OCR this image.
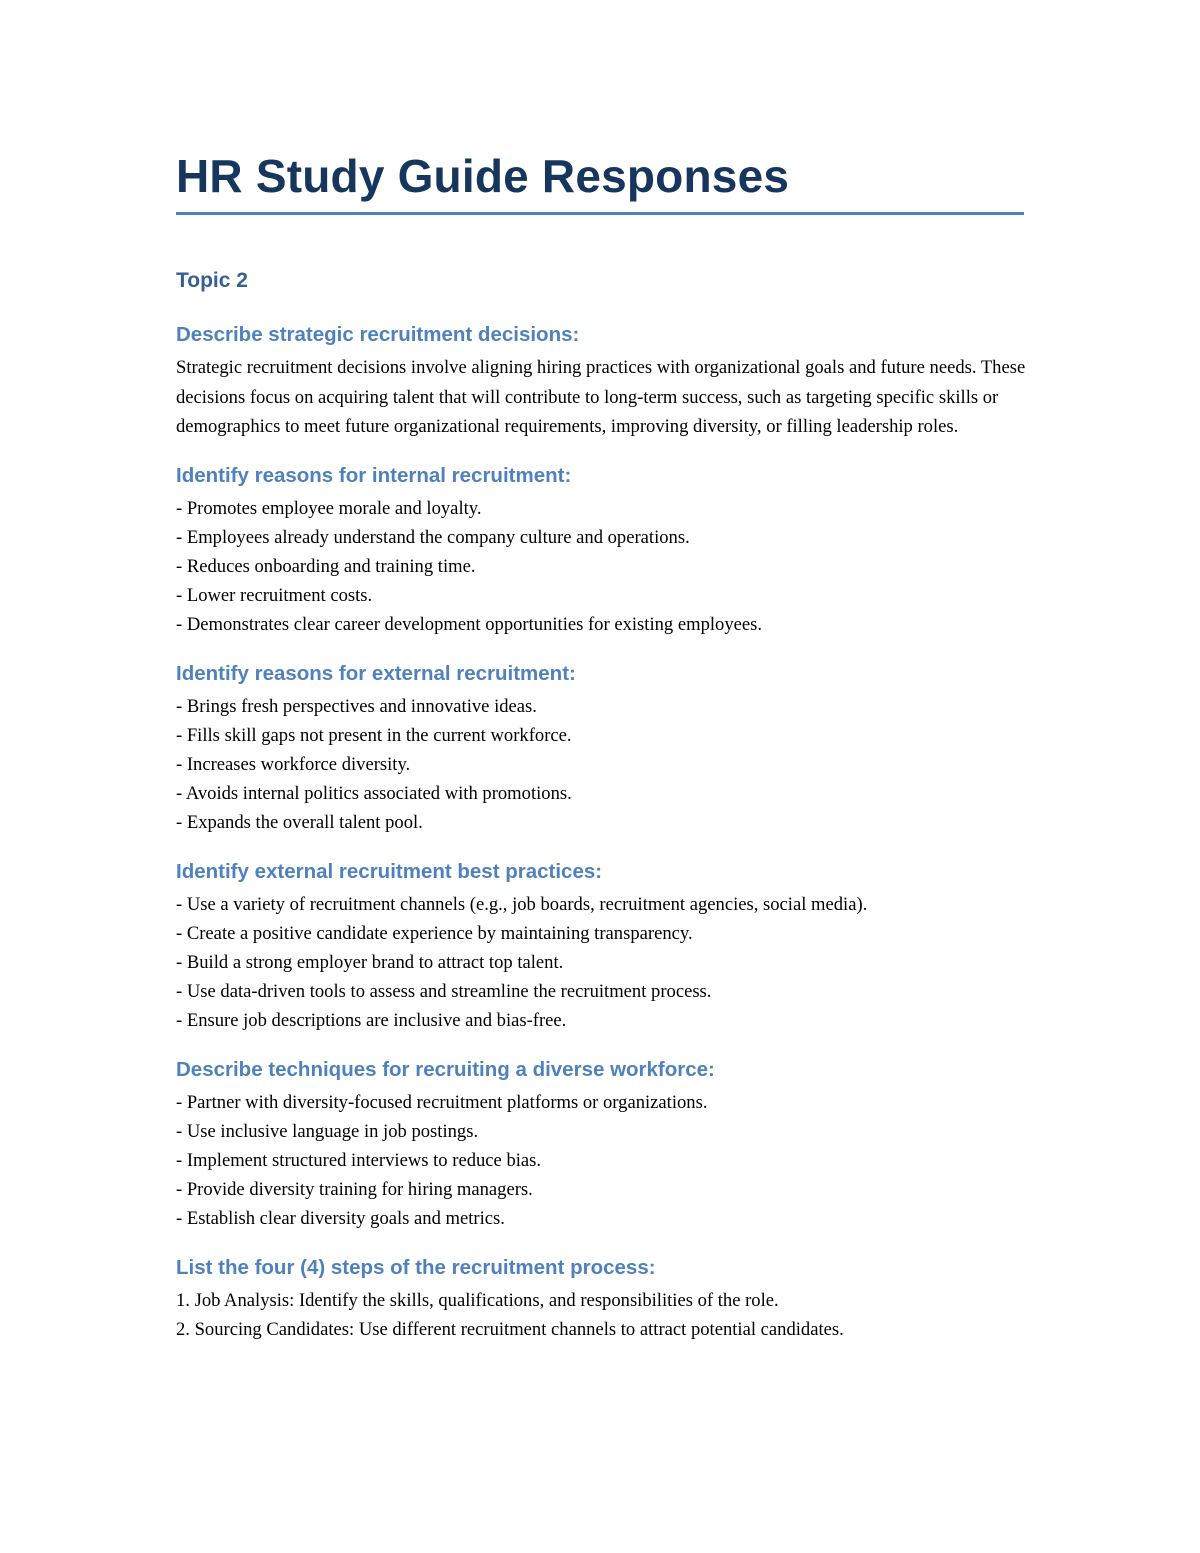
HR Study Guide Responses
Topic 2
Describe strategic recruitment decisions:

Strategic recruitment decisions involve aligning hiring practices with organizational goals and future needs. These decisions focus on acquiring talent that will contribute to long-term success, such as targeting specific skills or demographics to meet future organizational requirements, improving diversity, or filling leadership roles.

Identify reasons for internal recruitment:
- Promotes employee morale and loyalty.
- Employees already understand the company culture and operations.
- Reduces onboarding and training time.
- Lower recruitment costs.
- Demonstrates clear career development opportunities for existing employees.
Identify reasons for external recruitment:
- Brings fresh perspectives and innovative ideas.
- Fills skill gaps not present in the current workforce.
- Increases workforce diversity.
- Avoids internal politics associated with promotions.
- Expands the overall talent pool.
Identify external recruitment best practices:
- Use a variety of recruitment channels (e.g., job boards, recruitment agencies, social media).
- Create a positive candidate experience by maintaining transparency.
- Build a strong employer brand to attract top talent.
- Use data-driven tools to assess and streamline the recruitment process.
- Ensure job descriptions are inclusive and bias-free.
Describe techniques for recruiting a diverse workforce:
- Partner with diversity-focused recruitment platforms or organizations.
- Use inclusive language in job postings.
- Implement structured interviews to reduce bias.
- Provide diversity training for hiring managers.
- Establish clear diversity goals and metrics.
List the four (4) steps of the recruitment process:
1. Job Analysis: Identify the skills, qualifications, and responsibilities of the role.
2. Sourcing Candidates: Use different recruitment channels to attract potential candidates.
